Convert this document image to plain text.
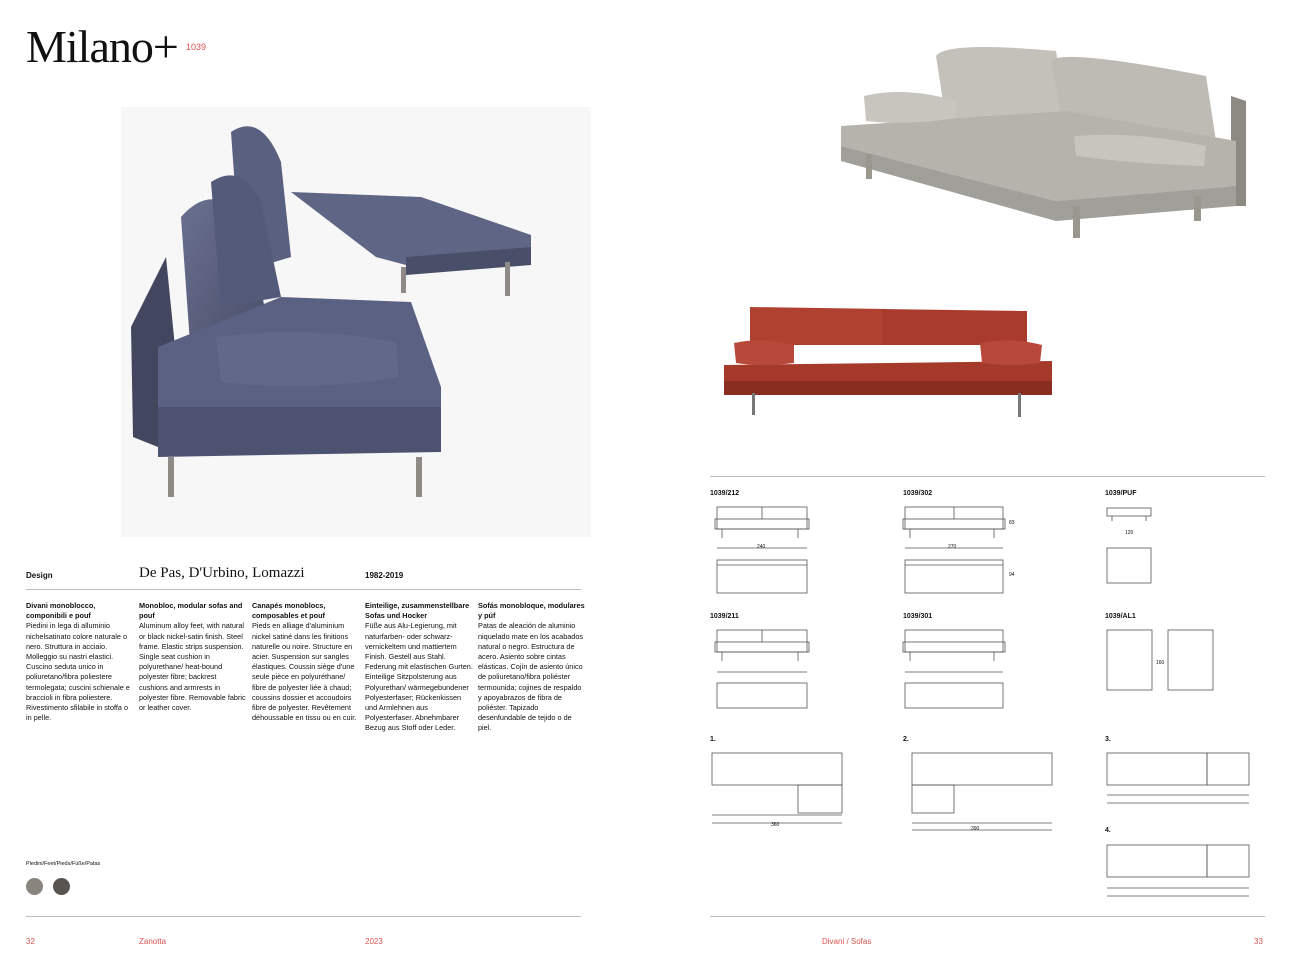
Milano+ 1039
Design	De Pas, D'Urbino, Lomazzi	1982-2019
Divani monoblocco, componibili e pouf
Piedini in lega di alluminio nichelsatinato colore naturale o nero. Struttura in acciaio. Molleggio su nastri elastici. Cuscino seduta unico in poliuretano/fibra poliestere termolegata; cuscini schienale e braccioli in fibra poliestere. Rivestimento sfilabile in stoffa o in pelle.
Monobloc, modular sofas and pouf
Aluminum alloy feet, with natural or black nickel-satin finish. Steel frame. Elastic strips suspension. Single seat cushion in polyurethane/ heat-bound polyester fibre; backrest cushions and armrests in polyester fibre. Removable fabric or leather cover.
Canapés monoblocs, composables et pouf
Pieds en alliage d'aluminium nickel satiné dans les finitions naturelle ou noire. Structure en acier. Suspension sur sangles élastiques. Coussin siège d'une seule pièce en polyuréthane/ fibre de polyester liée à chaud; coussins dossier et accoudoirs fibre de polyester. Revêtement déhoussable en tissu ou en cuir.
Einteilige, zusammenstellbare Sofas und Hocker
Füße aus Alu-Legierung, mit naturfarben- oder schwarz- vernickeltem und mattiertem Finish. Gestell aus Stahl. Federung mit elastischen Gurten. Einteilige Sitzpolsterung aus Polyurethan/ wärmegebundener Polyesterfaser; Rückenkissen und Armlehnen aus Polyesterfaser. Abnehmbarer Bezug aus Stoff oder Leder.
Sofás monobloque, modulares y púf
Patas de aleación de aluminio niquelado mate en los acabados natural o negro. Estructura de acero. Asiento sobre cintas elásticas. Cojín de asiento único de poliuretano/fibra poliéster termounida; cojines de respaldo y apoyabrazos de fibra de poliéster. Tapizado desenfundable de tejido o de piel.
Piedini/Feet/Pieds/Füße/Patas
32	Zanotta	2023
1039/212	1039/302	1039/PUF
1039/211	1039/301	1039/AL1
1.	2.	3.
4.
240	270
120
83
94
160
360
390
Divani / Sofas	33
